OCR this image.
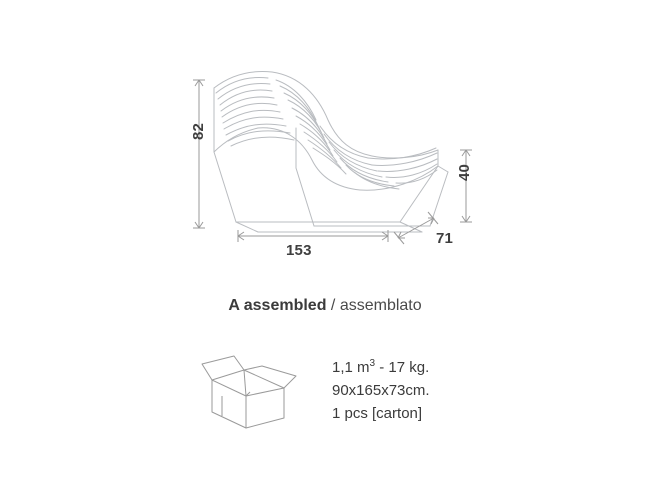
82
40
153
71
A assembled / assemblato
1,1 $m^3 - 17$ kg.
90x165x73cm.
1 pcs [carton]
